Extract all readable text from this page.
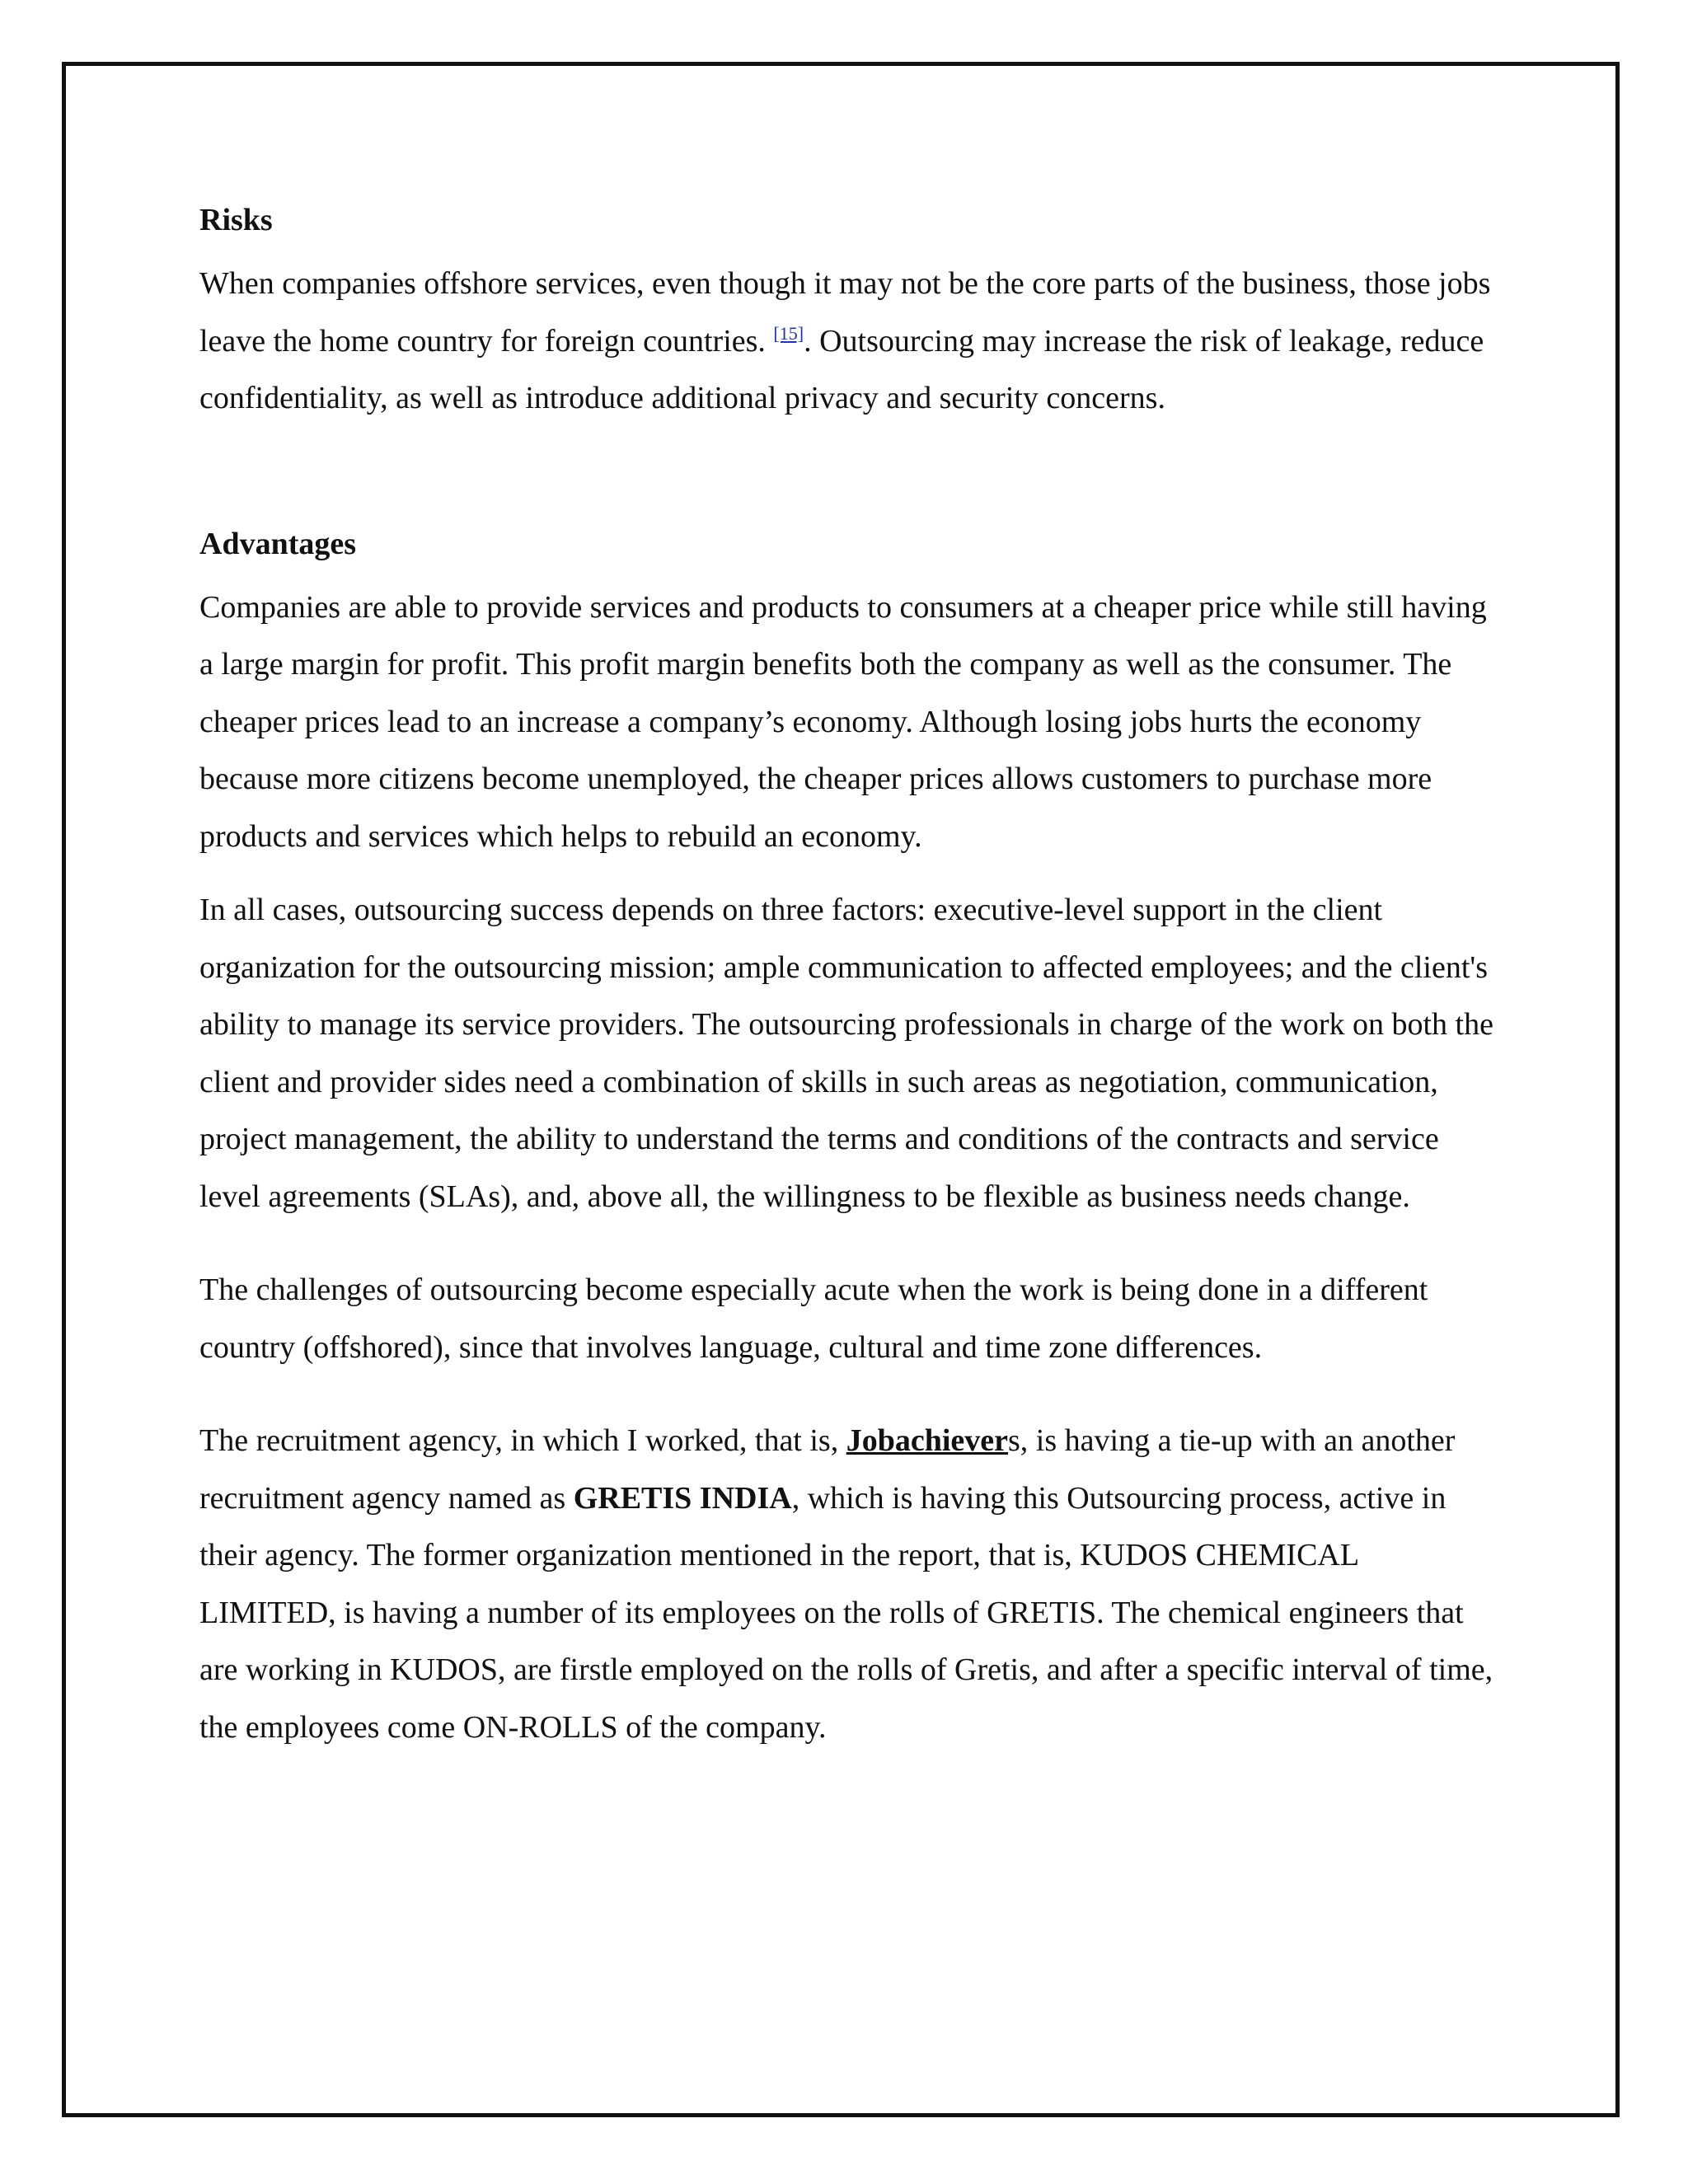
Risks

When companies offshore services, even though it may not be the core parts of the business, those jobs leave the home country for foreign countries. [15]. Outsourcing may increase the risk of leakage, reduce confidentiality, as well as introduce additional privacy and security concerns.

Advantages

Companies are able to provide services and products to consumers at a cheaper price while still having a large margin for profit. This profit margin benefits both the company as well as the consumer. The cheaper prices lead to an increase a company’s economy. Although losing jobs hurts the economy because more citizens become unemployed, the cheaper prices allows customers to purchase more products and services which helps to rebuild an economy.

In all cases, outsourcing success depends on three factors: executive-level support in the client organization for the outsourcing mission; ample communication to affected employees; and the client's ability to manage its service providers. The outsourcing professionals in charge of the work on both the client and provider sides need a combination of skills in such areas as negotiation, communication, project management, the ability to understand the terms and conditions of the contracts and service level agreements (SLAs), and, above all, the willingness to be flexible as business needs change.

The challenges of outsourcing become especially acute when the work is being done in a different country (offshored), since that involves language, cultural and time zone differences.

The recruitment agency, in which I worked, that is, Jobachievers, is having a tie-up with an another recruitment agency named as GRETIS INDIA, which is having this Outsourcing process, active in their agency. The former organization mentioned in the report, that is, KUDOS CHEMICAL LIMITED, is having a number of its employees on the rolls of GRETIS. The chemical engineers that are working in KUDOS, are firstle employed on the rolls of Gretis, and after a specific interval of time, the employees come ON-ROLLS of the company.
